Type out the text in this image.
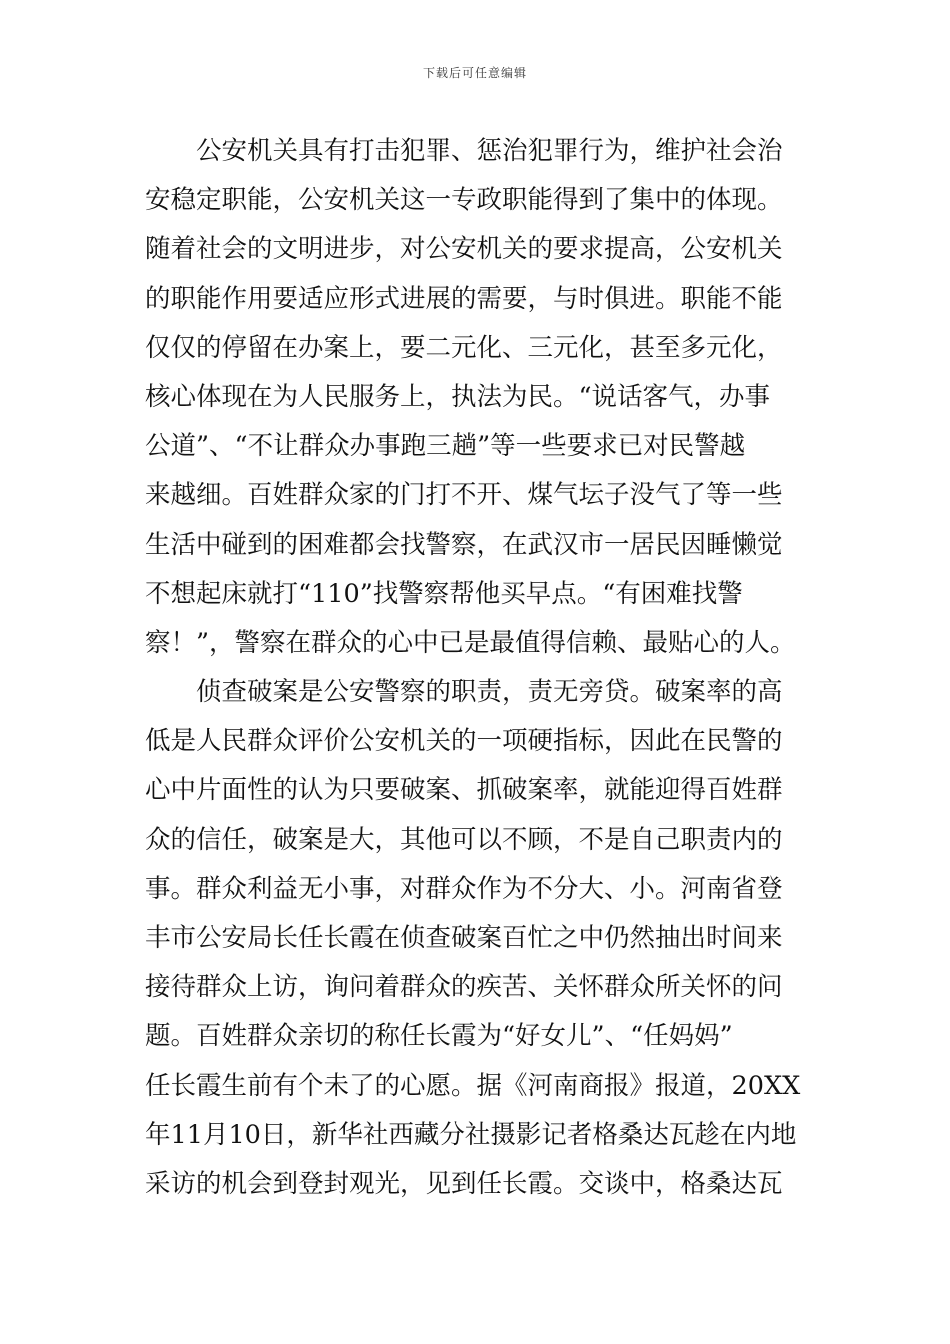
下载后可任意编辑
公安机关具有打击犯罪、惩治犯罪行为，维护社会治
安稳定职能，公安机关这一专政职能得到了集中的体现。
随着社会的文明进步，对公安机关的要求提高，公安机关
的职能作用要适应形式进展的需要，与时俱进。职能不能
仅仅的停留在办案上，要二元化、三元化，甚至多元化，
核心体现在为人民服务上，执法为民。“说话客气，办事
公道”、“不让群众办事跑三趟”等一些要求已对民警越
来越细。百姓群众家的门打不开、煤气坛子没气了等一些
生活中碰到的困难都会找警察，在武汉市一居民因睡懒觉
不想起床就打“110”找警察帮他买早点。“有困难找警
察！”，警察在群众的心中已是最值得信赖、最贴心的人。
侦查破案是公安警察的职责，责无旁贷。破案率的高
低是人民群众评价公安机关的一项硬指标，因此在民警的
心中片面性的认为只要破案、抓破案率，就能迎得百姓群
众的信任，破案是大，其他可以不顾，不是自己职责内的
事。群众利益无小事，对群众作为不分大、小。河南省登
丰市公安局长任长霞在侦查破案百忙之中仍然抽出时间来
接待群众上访，询问着群众的疾苦、关怀群众所关怀的问
题。百姓群众亲切的称任长霞为“好女儿”、“任妈妈”
任长霞生前有个未了的心愿。据《河南商报》报道，20XX
年11月10日，新华社西藏分社摄影记者格桑达瓦趁在内地
采访的机会到登封观光，见到任长霞。交谈中，格桑达瓦
